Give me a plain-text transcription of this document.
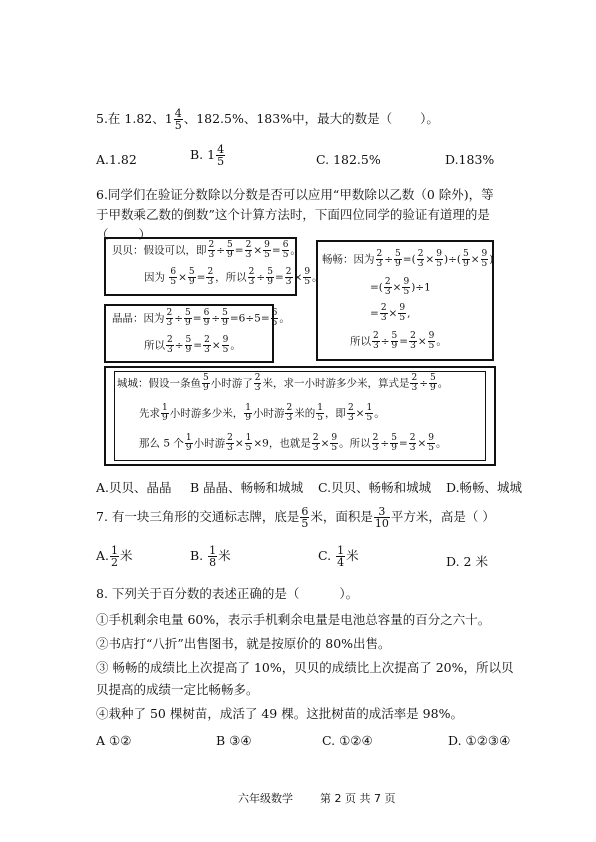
5.在 1.82、$1 \frac{4}{5}$ 、182.5%、183%中，最大的数是（ ）。
A.1.82	B. $1 \frac{4}{5}$	C. 182.5%	D.183%
6.同学们在验证分数除以分数是否可以应用“甲数除以乙数（0 除外)，等
于甲数乘乙数的倒数”这个计算方法时，下面四位同学的验证有道理的是
（ ）
贝贝：假设可以，即 $\frac{2}{3} \div \frac{5}{9} = \frac{2}{3} \times \frac{9}{5} = \frac{6}{5}$ 。
因为 $\frac{6}{5} \times \frac{5}{9} = \frac{2}{3}$ ，所以 $\frac{2}{3} \div \frac{5}{9} = \frac{2}{3} \times \frac{9}{5}$ 。
晶晶：因为 $\frac{2}{3} \div \frac{5}{9} = \frac{6}{9} \div \frac{5}{9} =6\div 5= \frac{6}{5}$ 。
所以 $\frac{2}{3} \div \frac{5}{9} = \frac{2}{3} \times \frac{9}{5}$ 。
畅畅：因为 $\frac{2}{3} \div \frac{5}{9}$ =( $\frac{2}{3} \times \frac{9}{5}$ )÷( $\frac{5}{9} \times \frac{9}{5}$ )
=( $\frac{2}{3} \times \frac{9}{5} )\div 1$
= $\frac{2}{3} \times \frac{9}{5}$ ,
所以 $\frac{2}{3} \div \frac{5}{9} = \frac{2}{3} \times \frac{9}{5}$ 。
城城：假设一条鱼 $\frac{5}{9}$ 小时游了 $\frac{2}{3}$ 米，求一小时游多少米，算式是 $\frac{2}{3} \div \frac{5}{9}$ 。
先求 $\frac{1}{9}$ 小时游多少米， $\frac{1}{9}$ 小时游 $\frac{2}{3}$ 米的 $\frac{1}{5}$ ，即 $\frac{2}{3} \times \frac{1}{5}$ 。
那么 5 个 $\frac{1}{9}$ 小时游 $\frac{2}{3} \times \frac{1}{5} \times 9$，也就是 $\frac{2}{3} \times \frac{9}{5}$ 。所以 $\frac{2}{3} \div \frac{5}{9} = \frac{2}{3} \times \frac{9}{5}$ 。
A.贝贝、晶晶 B 晶晶、畅畅和城城 C.贝贝、畅畅和城城 D.畅畅、城城
7. 有一块三角形的交通标志牌，底是 $\frac{6}{5}$ 米，面积是 $\frac{3}{10}$ 平方米，高是（ ）
A. $\frac{1}{2}$ 米	B. $\frac{1}{8}$ 米	C. $\frac{1}{4}$ 米	D. 2 米
8. 下列关于百分数的表述正确的是（	）。
①手机剩余电量 60%，表示手机剩余电量是电池总容量的百分之六十。
②书店打“八折”出售图书，就是按原价的 80%出售。
③ 畅畅的成绩比上次提高了 10%，贝贝的成绩比上次提高了 20%，所以贝
贝提高的成绩一定比畅畅多。
④栽种了 50 棵树苗，成活了 49 棵。这批树苗的成活率是 98%。
A ①②	B ③④	C. ①②④	D. ①②③④
六年级数学 第 2 页 共 7 页
